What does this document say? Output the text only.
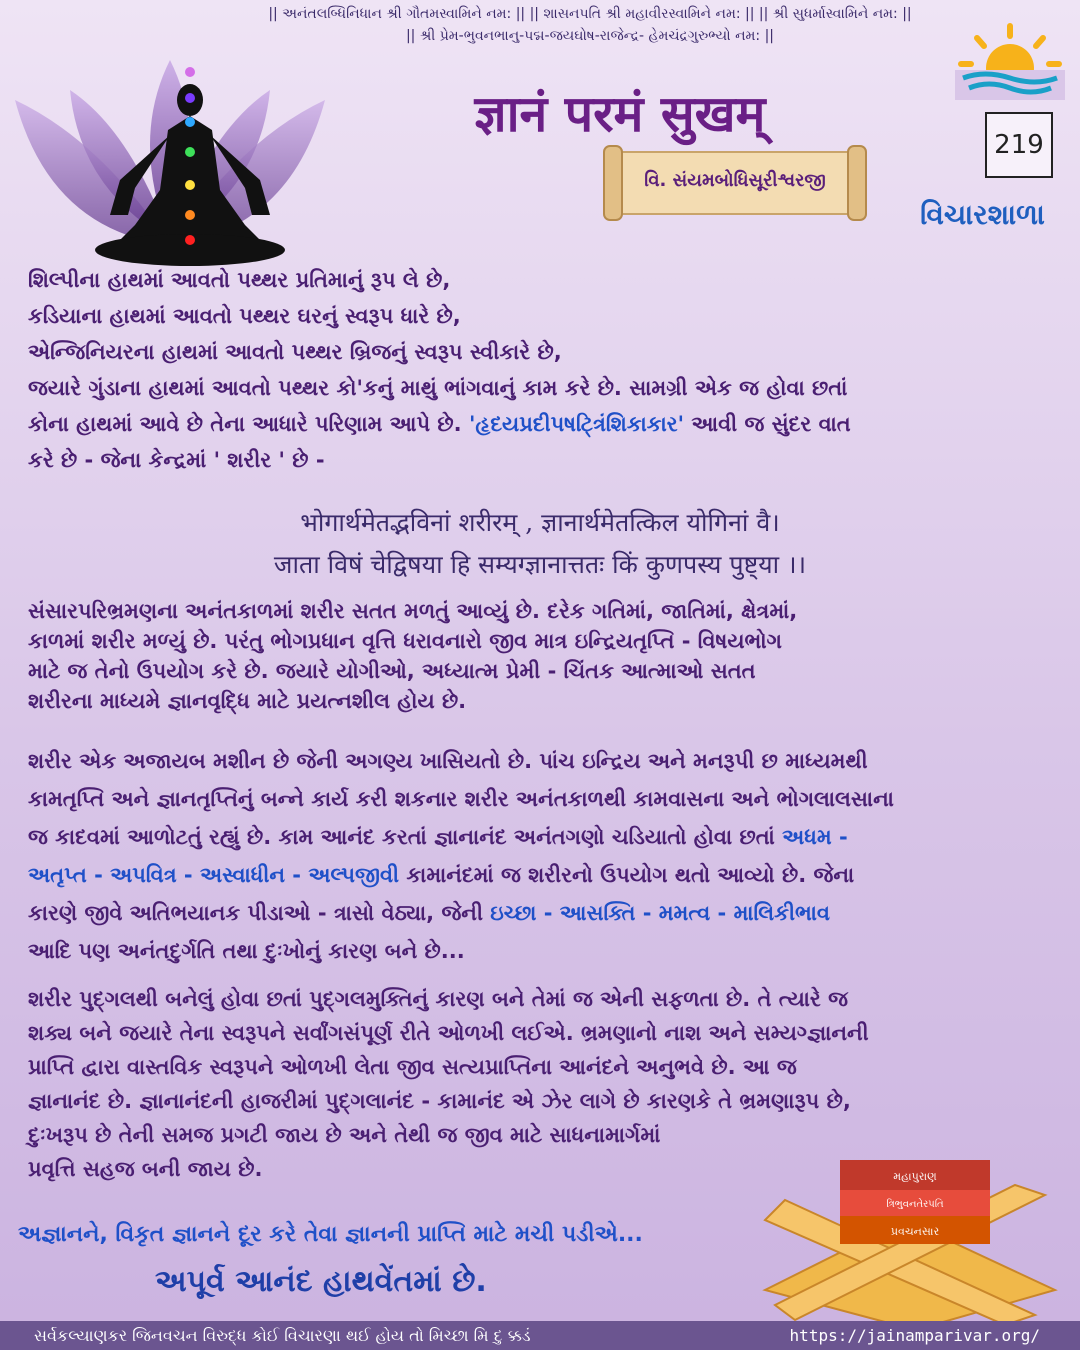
|| અનંતલબ્ધિનિધાન શ્રી ગૌતમસ્વામિને નમ: || || શાસનપતિ શ્રી મહાવીરસ્વામિને નમ: || || શ્રી સુધર્માસ્વામિને નમ: ||
|| શ્રી પ્રેમ-ભુવનભાનુ-પદ્મ-જયઘોષ-રાજેન્દ્ર- હેમચંદ્રગુરુભ્યો નમ: ||
ज्ञानं परमं सुखम्
219
વિ. સંયમબોધિસૂરીશ્વરજી
વિચારશાળા

શિલ્પીના હાથમાં આવતો પથ્થર પ્રતિમાનું રૂપ લે છે,

કડિયાના હાથમાં આવતો પથ્થર ઘરનું સ્વરૂપ ધારે છે,

એન્જિનિયરના હાથમાં આવતો પથ્થર બ્રિજનું સ્વરૂપ સ્વીકારે છે,

જયારે ગુંડાના હાથમાં આવતો પથ્થર કો'કનું માથું ભાંગવાનું કામ કરે છે. સામગ્રી એક જ હોવા છતાં

કોના હાથમાં આવે છે તેના આધારે પરિણામ આપે છે. 'હૃદયપ્રદીપષટ્ત્રિંશિકાકાર' આવી જ સુંદર વાત

કરે છે - જેના કેન્દ્રમાં ' શરીર ' છે -

भोगार्थमेतद्भविनां शरीरम् , ज्ञानार्थमेतत्किल योगिनां वै।
जाता विषं चेद्विषया हि सम्यग्ज्ञानात्ततः किं कुणपस्य पुष्ट्या ।।

સંસારપરિભ્રમણના અનંતકાળમાં શરીર સતત મળતું આવ્યું છે. દરેક ગતિમાં, જાતિમાં, ક્ષેત્રમાં,

કાળમાં શરીર મળ્યું છે. પરંતુ ભોગપ્રધાન વૃત્તિ ધરાવનારો જીવ માત્ર ઇન્દ્રિયતૃપ્તિ - વિષયભોગ

માટે જ તેનો ઉપયોગ કરે છે. જયારે યોગીઓ, અધ્યાત્મ પ્રેમી - ચિંતક આત્માઓ સતત

શરીરના માધ્યમે જ્ઞાનવૃદ્ધિ માટે પ્રયત્નશીલ હોય છે.

શરીર એક અજાયબ મશીન છે જેની અગણ્ય ખાસિયતો છે. પાંચ ઇન્દ્રિય અને મનરૂપી છ માધ્યમથી

કામતૃપ્તિ અને જ્ઞાનતૃપ્તિનું બન્ને કાર્ય કરી શકનાર શરીર અનંતકાળથી કામવાસના અને ભોગલાલસાના

જ કાદવમાં આળોટતું રહ્યું છે. કામ આનંદ કરતાં જ્ઞાનાનંદ અનંતગણો ચડિયાતો હોવા છતાં અધમ -

અતૃપ્ત - અપવિત્ર - અસ્વાધીન - અલ્પજીવી કામાનંદમાં જ શરીરનો ઉપયોગ થતો આવ્યો છે. જેના

કારણે જીવે અતિભયાનક પીડાઓ - ત્રાસો વેઠ્યા, જેની ઇચ્છા - આસક્તિ - મમત્વ - માલિકીભાવ

આદિ પણ અનંતદુર્ગતિ તથા દુઃખોનું કારણ બને છે...

શરીર પુદ્ગલથી બનેલું હોવા છતાં પુદ્ગલમુક્તિનું કારણ બને તેમાં જ એની સફળતા છે. તે ત્યારે જ

શક્ય બને જયારે તેના સ્વરૂપને સર્વાંગસંપૂર્ણ રીતે ઓળખી લઈએ. ભ્રમણાનો નાશ અને સમ્યગ્જ્ઞાનની

પ્રાપ્તિ દ્વારા વાસ્તવિક સ્વરૂપને ઓળખી લેતા જીવ સત્યપ્રાપ્તિના આનંદને અનુભવે છે. આ જ

જ્ઞાનાનંદ છે. જ્ઞાનાનંદની હાજરીમાં પુદ્ગલાનંદ - કામાનંદ એ ઝેર લાગે છે કારણકે તે ભ્રમણારૂપ છે,

દુઃખરૂપ છે તેની સમજ પ્રગટી જાય છે અને તેથી જ જીવ માટે સાધનામાર્ગમાં

પ્રવૃત્તિ સહજ બની જાય છે.	મહાપુરાણ
ત્રિભુવનતેરપતિ
પ્રવચનસાર
અજ્ઞાનને, વિકૃત જ્ઞાનને દૂર કરે તેવા જ્ઞાનની પ્રાપ્તિ માટે મચી પડીએ...
અપૂર્વ આનંદ હાથવેંતમાં છે.
સર્વકલ્યાણકર જિનવચન વિરુદ્ધ કોઈ વિચારણા થઈ હોય તો મિચ્છા મિ દુ ક્કડં	https://jainamparivar.org/
